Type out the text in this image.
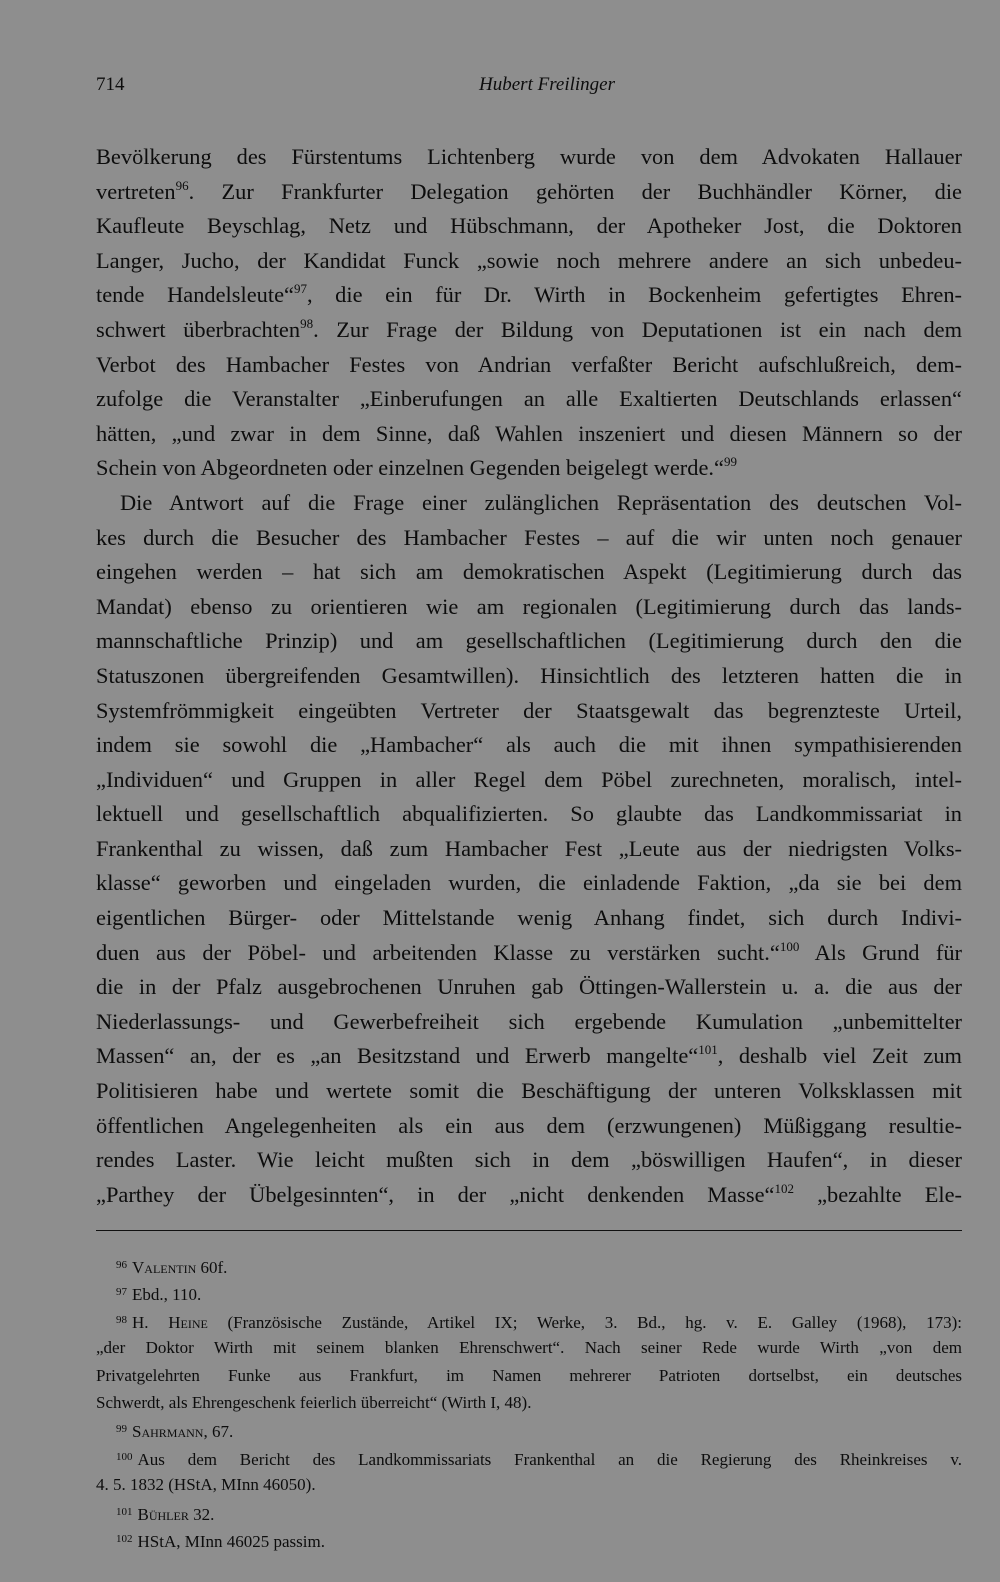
714	Hubert Freilinger
Bevölkerung des Fürstentums Lichtenberg wurde von dem Advokaten Hallauer
vertreten$^{96}$. Zur Frankfurter Delegation gehörten der Buchhändler Körner, die
Kaufleute Beyschlag, Netz und Hübschmann, der Apotheker Jost, die Doktoren
Langer, Jucho, der Kandidat Funck „sowie noch mehrere andere an sich unbedeu-
tende Handelsleute“$^{97}$, die ein für Dr. Wirth in Bockenheim gefertigtes Ehren-
schwert überbrachten$^{98}$. Zur Frage der Bildung von Deputationen ist ein nach dem
Verbot des Hambacher Festes von Andrian verfaßter Bericht aufschlußreich, dem-
zufolge die Veranstalter „Einberufungen an alle Exaltierten Deutschlands erlassen“
hätten, „und zwar in dem Sinne, daß Wahlen inszeniert und diesen Männern so der
Schein von Abgeordneten oder einzelnen Gegenden beigelegt werde.“$^{99}$
Die Antwort auf die Frage einer zulänglichen Repräsentation des deutschen Vol-
kes durch die Besucher des Hambacher Festes – auf die wir unten noch genauer
eingehen werden – hat sich am demokratischen Aspekt (Legitimierung durch das
Mandat) ebenso zu orientieren wie am regionalen (Legitimierung durch das lands-
mannschaftliche Prinzip) und am gesellschaftlichen (Legitimierung durch den die
Statuszonen übergreifenden Gesamtwillen). Hinsichtlich des letzteren hatten die in
Systemfrömmigkeit eingeübten Vertreter der Staatsgewalt das begrenzteste Urteil,
indem sie sowohl die „Hambacher“ als auch die mit ihnen sympathisierenden
„Individuen“ und Gruppen in aller Regel dem Pöbel zurechneten, moralisch, intel-
lektuell und gesellschaftlich abqualifizierten. So glaubte das Landkommissariat in
Frankenthal zu wissen, daß zum Hambacher Fest „Leute aus der niedrigsten Volks-
klasse“ geworben und eingeladen wurden, die einladende Faktion, „da sie bei dem
eigentlichen Bürger- oder Mittelstande wenig Anhang findet, sich durch Indivi-
duen aus der Pöbel- und arbeitenden Klasse zu verstärken sucht.“$^{100}$ Als Grund für
die in der Pfalz ausgebrochenen Unruhen gab Öttingen-Wallerstein u. a. die aus der
Niederlassungs- und Gewerbefreiheit sich ergebende Kumulation „unbemittelter
Massen“ an, der es „an Besitzstand und Erwerb mangelte“$^{101}$, deshalb viel Zeit zum
Politisieren habe und wertete somit die Beschäftigung der unteren Volksklassen mit
öffentlichen Angelegenheiten als ein aus dem (erzwungenen) Müßiggang resultie-
rendes Laster. Wie leicht mußten sich in dem „böswilligen Haufen“, in dieser
„Parthey der Übelgesinnten“, in der „nicht denkenden Masse“$^{102}$ „bezahlte Ele-
$^{96}$ Valentin 60f.
$^{97}$ Ebd., 110.
$^{98}$ H. Heine (Französische Zustände, Artikel IX; Werke, 3. Bd., hg. v. E. Galley (1968), 173):
„der Doktor Wirth mit seinem blanken Ehrenschwert“. Nach seiner Rede wurde Wirth „von dem
Privatgelehrten Funke aus Frankfurt, im Namen mehrerer Patrioten dortselbst, ein deutsches
Schwerdt, als Ehrengeschenk feierlich überreicht“ (Wirth I, 48).
$^{99}$ Sahrmann, 67.
$^{100}$ Aus dem Bericht des Landkommissariats Frankenthal an die Regierung des Rheinkreises v.
4. 5. 1832 (HStA, MInn 46050).
$^{101}$ Bühler 32.
$^{102}$ HStA, MInn 46025 passim.
